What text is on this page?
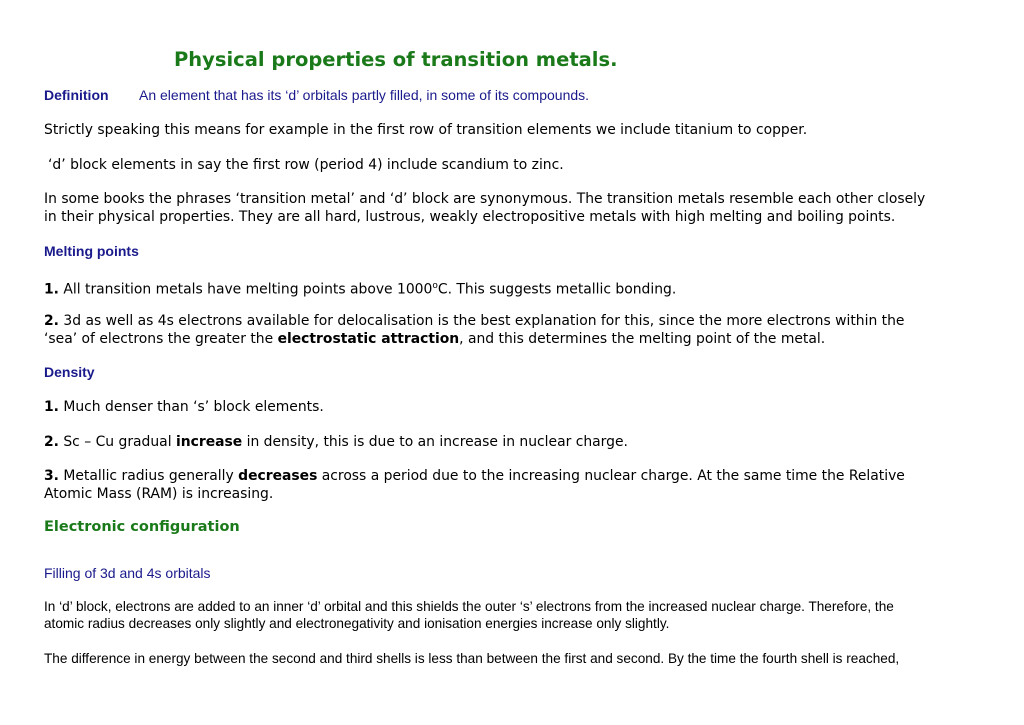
Physical properties of transition metals.
Definition An element that has its ‘d’ orbitals partly filled, in some of its compounds.
Strictly speaking this means for example in the first row of transition elements we include titanium to copper.
‘d’ block elements in say the first row (period 4) include scandium to zinc.
In some books the phrases ‘transition metal’ and ‘d’ block are synonymous. The transition metals resemble each other closely
in their physical properties. They are all hard, lustrous, weakly electropositive metals with high melting and boiling points.
Melting points
1. All transition metals have melting points above 1000$^o$C. This suggests metallic bonding.
2. 3d as well as 4s electrons available for delocalisation is the best explanation for this, since the more electrons within the
‘sea’ of electrons the greater the electrostatic attraction, and this determines the melting point of the metal.
Density
1. Much denser than ‘s’ block elements.
2. Sc – Cu gradual increase in density, this is due to an increase in nuclear charge.
3. Metallic radius generally decreases across a period due to the increasing nuclear charge. At the same time the Relative
Atomic Mass (RAM) is increasing.
Electronic configuration
Filling of 3d and 4s orbitals
In ‘d’ block, electrons are added to an inner ‘d’ orbital and this shields the outer ‘s’ electrons from the increased nuclear charge. Therefore, the
atomic radius decreases only slightly and electronegativity and ionisation energies increase only slightly.
The difference in energy between the second and third shells is less than between the first and second. By the time the fourth shell is reached,
